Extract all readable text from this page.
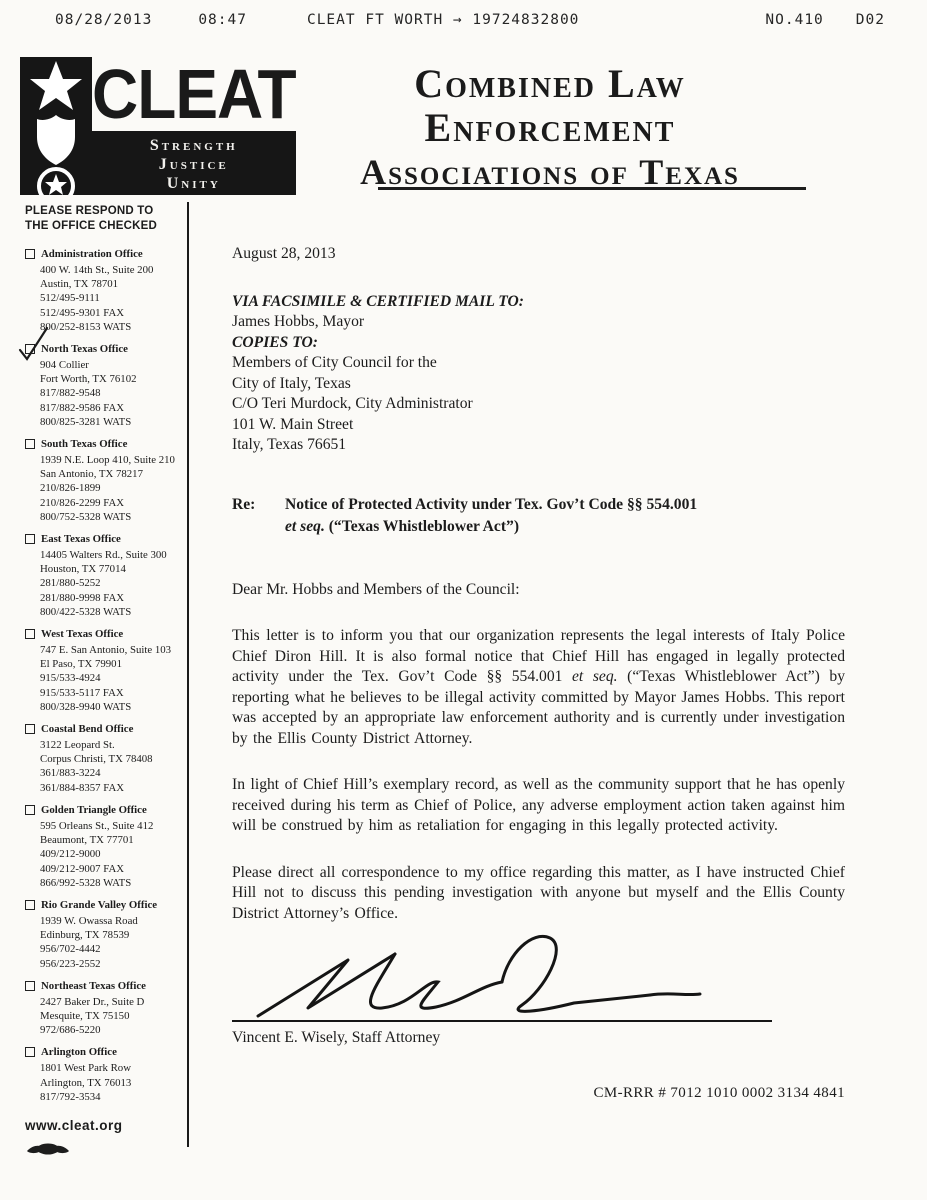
08/28/2013	08:47	CLEAT FT WORTH → 19724832800	NO.410 D02
CLEAT
Strength
Justice
Unity
Combined Law Enforcement
Associations of Texas
PLEASE RESPOND TO
THE OFFICE CHECKED
Administration Office
400 W. 14th St., Suite 200
Austin, TX 78701
512/495-9111
512/495-9301 FAX
800/252-8153 WATS
North Texas Office
904 Collier
Fort Worth, TX 76102
817/882-9548
817/882-9586 FAX
800/825-3281 WATS
South Texas Office
1939 N.E. Loop 410, Suite 210
San Antonio, TX 78217
210/826-1899
210/826-2299 FAX
800/752-5328 WATS
East Texas Office
14405 Walters Rd., Suite 300
Houston, TX 77014
281/880-5252
281/880-9998 FAX
800/422-5328 WATS
West Texas Office
747 E. San Antonio, Suite 103
El Paso, TX 79901
915/533-4924
915/533-5117 FAX
800/328-9940 WATS
Coastal Bend Office
3122 Leopard St.
Corpus Christi, TX 78408
361/883-3224
361/884-8357 FAX
Golden Triangle Office
595 Orleans St., Suite 412
Beaumont, TX 77701
409/212-9000
409/212-9007 FAX
866/992-5328 WATS
Rio Grande Valley Office
1939 W. Owassa Road
Edinburg, TX 78539
956/702-4442
956/223-2552
Northeast Texas Office
2427 Baker Dr., Suite D
Mesquite, TX 75150
972/686-5220
Arlington Office
1801 West Park Row
Arlington, TX 76013
817/792-3534
www.cleat.org
August 28, 2013
VIA FACSIMILE & CERTIFIED MAIL TO:
James Hobbs, Mayor
COPIES TO:
Members of City Council for the
City of Italy, Texas
C/O Teri Murdock, City Administrator
101 W. Main Street
Italy, Texas 76651
Re:	Notice of Protected Activity under Tex. Gov’t Code §§ 554.001
et seq. (“Texas Whistleblower Act”)
Dear Mr. Hobbs and Members of the Council:

This letter is to inform you that our organization represents the legal interests of Italy Police Chief Diron Hill. It is also formal notice that Chief Hill has engaged in legally protected activity under the Tex. Gov’t Code §§ 554.001 et seq. (“Texas Whistleblower Act”) by reporting what he believes to be illegal activity committed by Mayor James Hobbs. This report was accepted by an appropriate law enforcement authority and is currently under investigation by the Ellis County District Attorney.

In light of Chief Hill’s exemplary record, as well as the community support that he has openly received during his term as Chief of Police, any adverse employment action taken against him will be construed by him as retaliation for engaging in this legally protected activity.

Please direct all correspondence to my office regarding this matter, as I have instructed Chief Hill not to discuss this pending investigation with anyone but myself and the Ellis County District Attorney’s Office.

Vincent E. Wisely, Staff Attorney
CM-RRR # 7012 1010 0002 3134 4841
